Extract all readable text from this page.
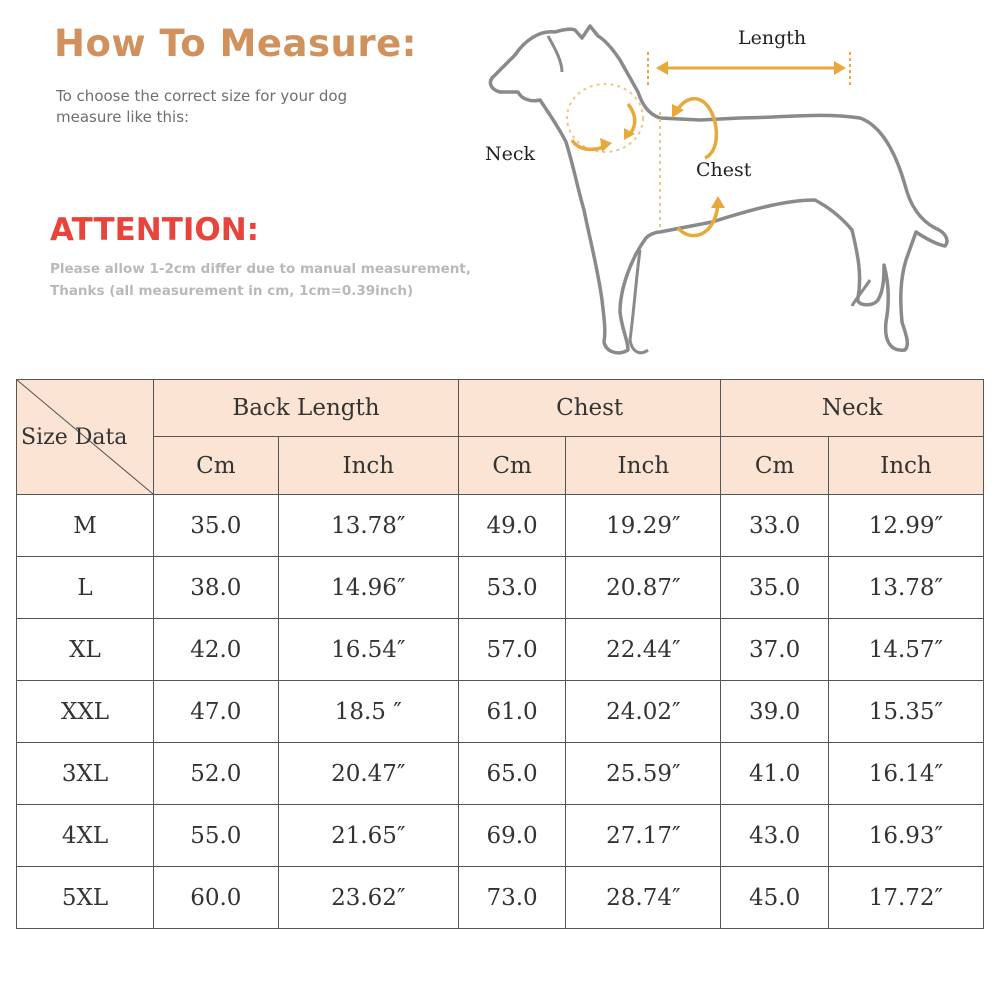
How To Measure:
To choose the correct size for your dog measure like this:
ATTENTION:
Please allow 1-2cm differ due to manual measurement,
Thanks (all measurement in cm, 1cm=0.39inch)
Length
Neck
Chest
Size Data	Back Length		Chest		Neck	
	Cm	Inch	Cm	Inch	Cm	Inch
M	35.0	13.78″	49.0	19.29″	33.0	12.99″
L	38.0	14.96″	53.0	20.87″	35.0	13.78″
XL	42.0	16.54″	57.0	22.44″	37.0	14.57″
XXL	47.0	18.5 ″	61.0	24.02″	39.0	15.35″
3XL	52.0	20.47″	65.0	25.59″	41.0	16.14″
4XL	55.0	21.65″	69.0	27.17″	43.0	16.93″
5XL	60.0	23.62″	73.0	28.74″	45.0	17.72″
